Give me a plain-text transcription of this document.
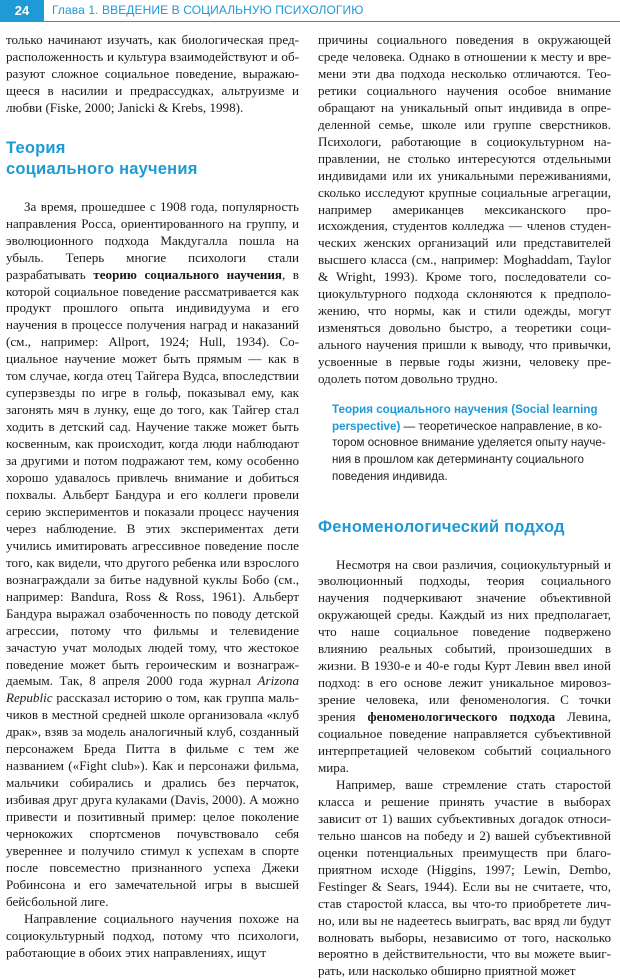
24	Глава 1. ВВЕДЕНИЕ В СОЦИАЛЬНУЮ ПСИХОЛОГИЮ

только начинают изучать, как биологическая предрасположенность и культура взаимодействуют и образуют сложное социальное поведение, выражающееся в насилии и предрассудках, альтруизме и любви (Fiske, 2000; Janicki & Krebs, 1998).

Теория
социального научения

За время, прошедшее с 1908 года, популярность направления Росса, ориентированного на группу, и эволюционного подхода Макдугалла пошла на убыль. Теперь многие психологи стали разрабатывать теорию социального научения, в которой социальное поведение рассматривается как продукт прошлого опыта индивидуума и его научения в процессе получения наград и наказаний (см., например: Allport, 1924; Hull, 1934). Социальное научение может быть прямым — как в том случае, когда отец Тайгера Вудса, впоследствии суперзвезды по игре в гольф, показывал ему, как загонять мяч в лунку, еще до того, как Тайгер стал ходить в детский сад. Научение также может быть косвенным, как происходит, когда люди наблюдают за другими и потом подражают тем, кому особенно хорошо удавалось привлечь внимание и добиться похвалы. Альберт Бандура и его коллеги провели серию экспериментов и показали процесс научения через наблюдение. В этих экспериментах дети учились имитировать агрессивное поведение после того, как видели, что другого ребенка или взрослого вознаграждали за битье надувной куклы Бобо (см., например: Bandura, Ross & Ross, 1961). Альберт Бандура выражал озабоченность по поводу детской агрессии, потому что фильмы и телевидение зачастую учат молодых людей тому, что жестокое поведение может быть героическим и вознаграждаемым. Так, 8 апреля 2000 года журнал Arizona Republic рассказал историю о том, как группа мальчиков в местной средней школе организовала «клуб драк», взяв за модель аналогичный клуб, созданный персонажем Бреда Питта в фильме с тем же названием («Fight club»). Как и персонажи фильма, мальчики собирались и дрались без перчаток, избивая друг друга кулаками (Davis, 2000). А можно привести и позитивный пример: целое поколение чернокожих спортсменов почувствовало себя увереннее и получило стимул к успехам в спорте после повсеместно признанного успеха Джеки Робинсона и его замечательной игры в высшей бейсбольной лиге.

Направление социального научения похоже на социокультурный подход, потому что психологи, работающие в обоих этих направлениях, ищут

причины социального поведения в окружающей среде человека. Однако в отношении к месту и времени эти два подхода несколько отличаются. Теоретики социального научения особое внимание обращают на уникальный опыт индивида в определенной семье, школе или группе сверстников. Психологи, работающие в социокультурном направлении, не столько интересуются отдельными индивидами или их уникальными переживаниями, сколько исследуют крупные социальные агрегации, например американцев мексиканского происхождения, студентов колледжа — членов студенческих женских организаций или представителей высшего класса (см., например: Moghaddam, Taylor & Wright, 1993). Кроме того, последователи социокультурного подхода склоняются к предположению, что нормы, как и стили одежды, могут изменяться довольно быстро, а теоретики социального научения пришли к выводу, что привычки, усвоенные в первые годы жизни, человеку преодолеть потом довольно трудно.

Теория социального научения (Social learning perspective) — теоретическое направление, в котором основное внимание уделяется опыту научения в прошлом как детерминанту социального поведения индивида.
Феноменологический подход

Несмотря на свои различия, социокультурный и эволюционный подходы, теория социального научения подчеркивают значение объективной окружающей среды. Каждый из них предполагает, что наше социальное поведение подвержено влиянию реальных событий, произошедших в жизни. В 1930-е и 40-е годы Курт Левин ввел иной подход: в его основе лежит уникальное мировоззрение человека, или феноменология. С точки зрения феноменологического подхода Левина, социальное поведение направляется субъективной интерпретацией человеком событий социального мира.

Например, ваше стремление стать старостой класса и решение принять участие в выборах зависит от 1) ваших субъективных догадок относительно шансов на победу и 2) вашей субъективной оценки потенциальных преимуществ при благоприятном исходе (Higgins, 1997; Lewin, Dembo, Festinger & Sears, 1944). Если вы не считаете, что, став старостой класса, вы что-то приобретете лично, или вы не надеетесь выиграть, вас вряд ли будут волновать выборы, независимо от того, насколько вероятно в действительности, что вы можете выиграть, или насколько обширно приятной может
